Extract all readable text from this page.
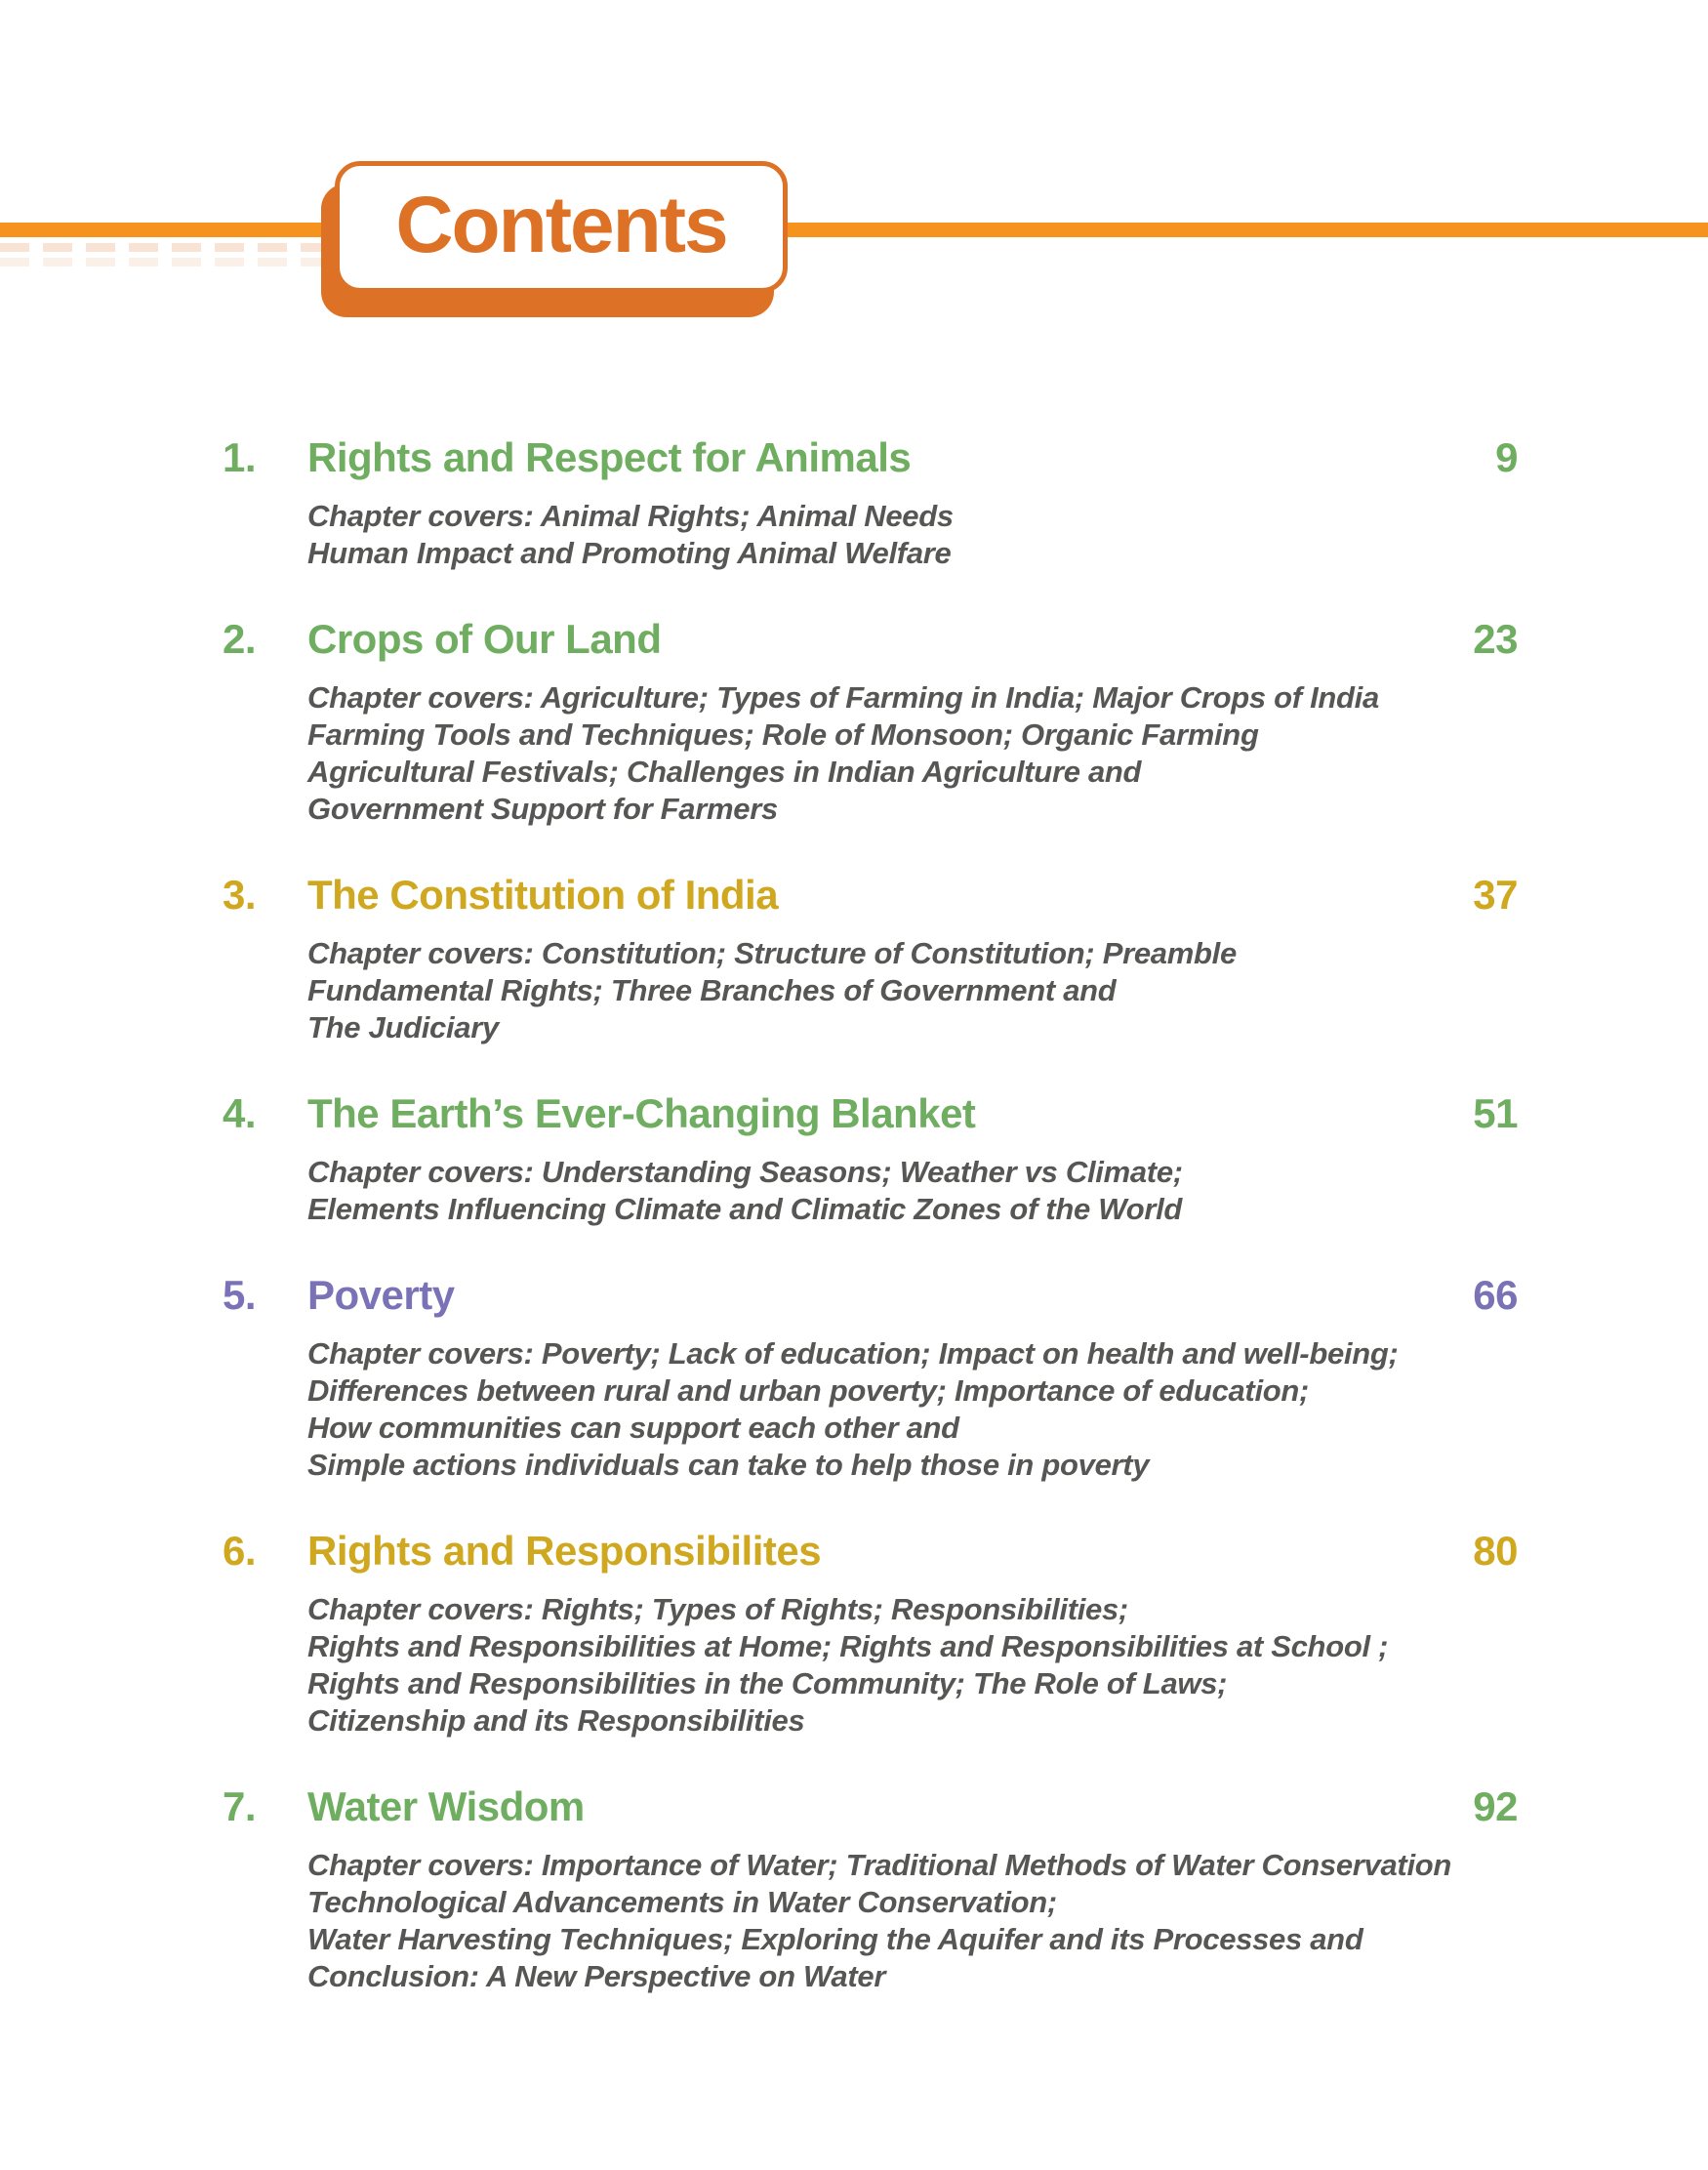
Contents
1.	Rights and Respect for Animals	9
Chapter covers: Animal Rights; Animal Needs
Human Impact and Promoting Animal Welfare
2.	Crops of Our Land	23
Chapter covers: Agriculture; Types of Farming in India; Major Crops of India
Farming Tools and Techniques; Role of Monsoon; Organic Farming
Agricultural Festivals; Challenges in Indian Agriculture and
Government Support for Farmers
3.	The Constitution of India	37
Chapter covers: Constitution; Structure of Constitution; Preamble
Fundamental Rights; Three Branches of Government and
The Judiciary
4.	The Earth’s Ever-Changing Blanket	51
Chapter covers: Understanding Seasons; Weather vs Climate;
Elements Influencing Climate and Climatic Zones of the World
5.	Poverty	66
Chapter covers: Poverty; Lack of education; Impact on health and well-being;
Differences between rural and urban poverty; Importance of education;
How communities can support each other and
Simple actions individuals can take to help those in poverty
6.	Rights and Responsibilites	80
Chapter covers: Rights; Types of Rights; Responsibilities;
Rights and Responsibilities at Home; Rights and Responsibilities at School ;
Rights and Responsibilities in the Community; The Role of Laws;
Citizenship and its Responsibilities
7.	Water Wisdom	92
Chapter covers: Importance of Water; Traditional Methods of Water Conservation
Technological Advancements in Water Conservation;
Water Harvesting Techniques; Exploring the Aquifer and its Processes and
Conclusion: A New Perspective on Water
